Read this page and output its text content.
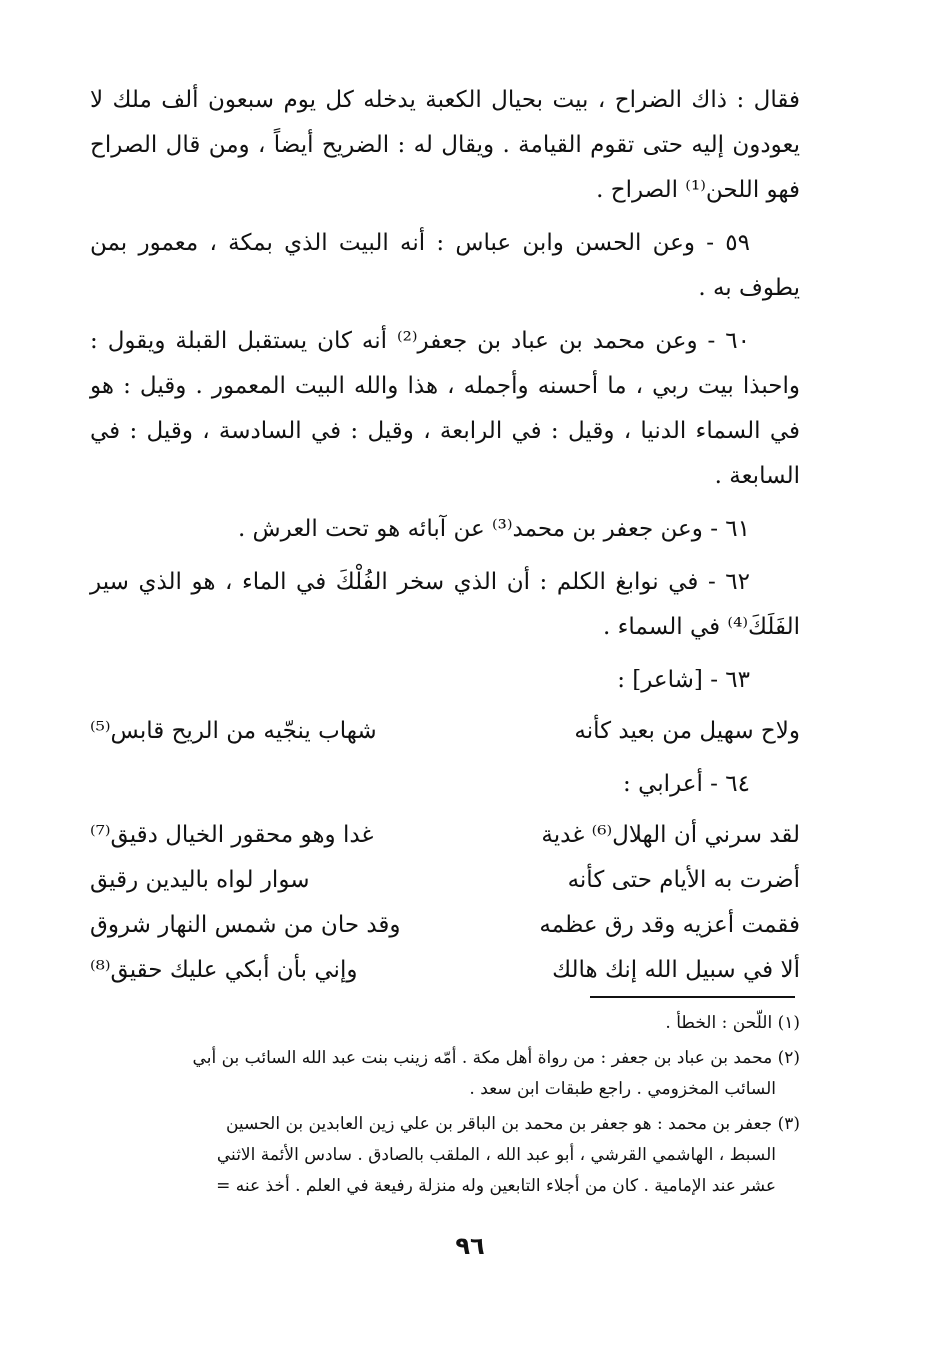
فقال : ذاك الضراح ، بيت بحيال الكعبة يدخله كل يوم سبعون ألف ملك لا يعودون إليه حتى تقوم القيامة . ويقال له : الضريح أيضاً ، ومن قال الصراح فهو اللحن⁽¹⁾ الصراح .

٥٩ - وعن الحسن وابن عباس : أنه البيت الذي بمكة ، معمور بمن يطوف به .

٦٠ - وعن محمد بن عباد بن جعفر⁽²⁾ أنه كان يستقبل القبلة ويقول : واحبذا بيت ربي ، ما أحسنه وأجمله ، هذا والله البيت المعمور . وقيل : هو في السماء الدنيا ، وقيل : في الرابعة ، وقيل : في السادسة ، وقيل : في السابعة .

٦١ - وعن جعفر بن محمد⁽³⁾ عن آبائه هو تحت العرش .

٦٢ - في نوابغ الكلم : أن الذي سخر الفُلْكَ في الماء ، هو الذي سير الفَلَكَ⁽⁴⁾ في السماء .

٦٣ - [شاعر] :

ولاح سهيل من بعيد كأنه
شهاب ينجّيه من الريح قابس⁽⁵⁾

٦٤ - أعرابي :

لقد سرني أن الهلال⁽⁶⁾ غدية
غدا وهو محقور الخيال دقيق⁽⁷⁾
أضرت به الأيام حتى كأنه
سوار لواه باليدين رقيق
فقمت أعزيه وقد رق عظمه
وقد حان من شمس النهار شروق
ألا في سبيل الله إنك هالك
وإني بأن أبكي عليك حقيق⁽⁸⁾

(١) اللّحن : الخطأ .

(٢) محمد بن عباد بن جعفر : من رواة أهل مكة . أمّه زينب بنت عبد الله السائب بن أبي
السائب المخزومي . راجع طبقات ابن سعد .

(٣) جعفر بن محمد : هو جعفر بن محمد بن الباقر بن علي زين العابدين بن الحسين
السبط ، الهاشمي القرشي ، أبو عبد الله ، الملقب بالصادق . سادس الأئمة الاثني
عشر عند الإمامية . كان من أجلاء التابعين وله منزلة رفيعة في العلم . أخذ عنه =

٩٦
